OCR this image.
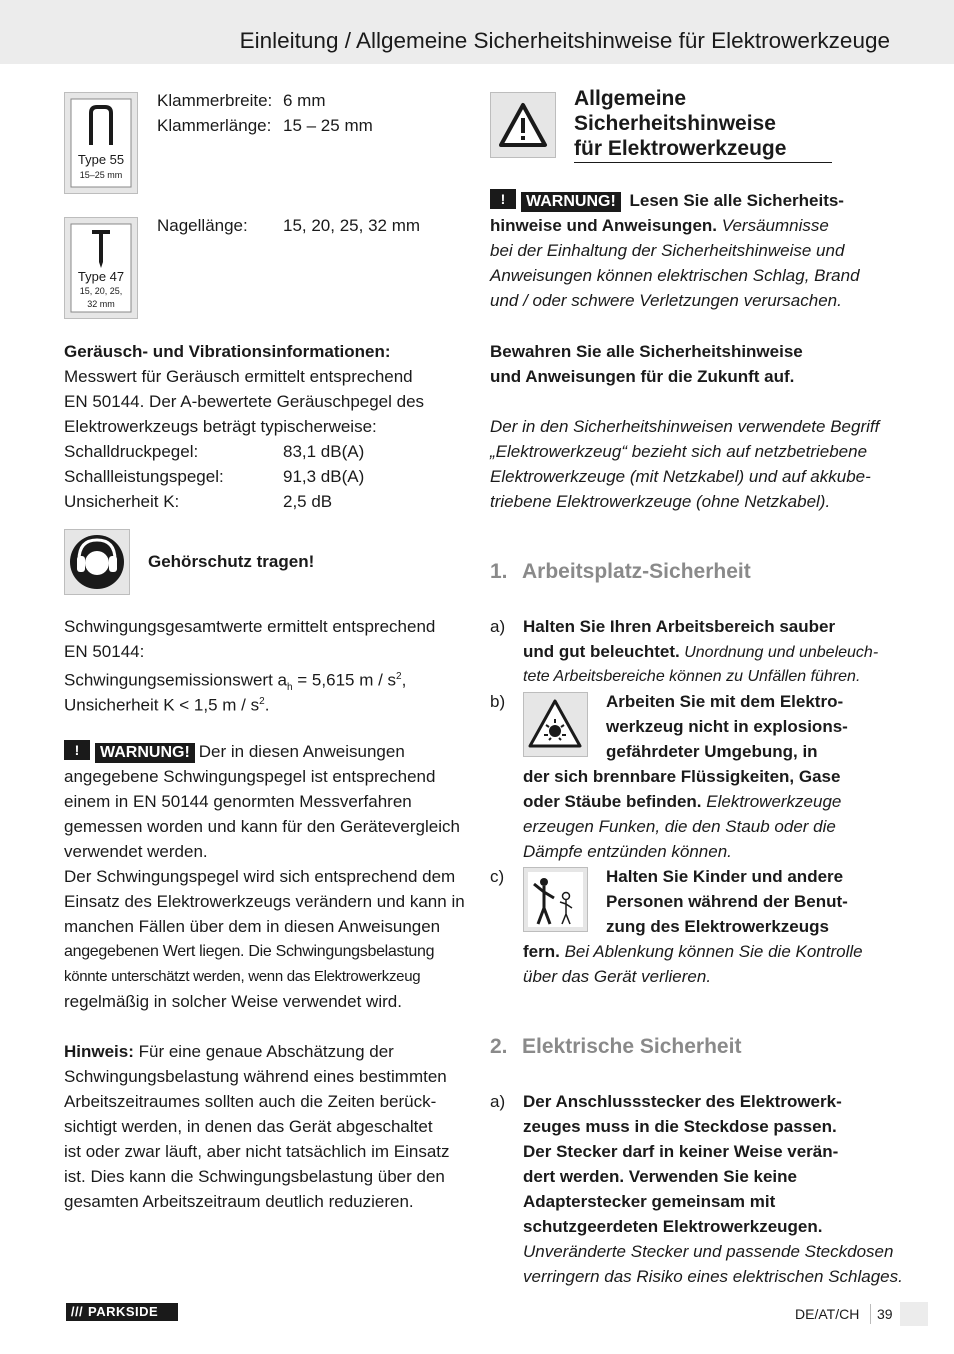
Einleitung / Allgemeine Sicherheitshinweise für Elektrowerkzeuge
Type 55
15–25 mm
Klammerbreite: 6 mm
Klammerlänge: 15 – 25 mm
Type 47
15, 20, 25,
32 mm
Nagellänge: 15, 20, 25, 32 mm
Geräusch- und Vibrationsinformationen:
Messwert für Geräusch ermittelt entsprechend
EN 50144. Der A-bewertete Geräuschpegel des
Elektrowerkzeugs beträgt typischerweise:
Schalldruckpegel:	83,1 dB(A)
Schallleistungspegel:	91,3 dB(A)
Unsicherheit K:	2,5 dB
Gehörschutz tragen!
Schwingungsgesamtwerte ermittelt entsprechend
EN 50144:
Schwingungsemissionswert $a_h = 5,615$ m / $s^2$,
Unsicherheit K < 1,5 m / $s^2$.
!WARNUNG! Der in diesen Anweisungen
angegebene Schwingungspegel ist entsprechend
einem in EN 50144 genormten Messverfahren
gemessen worden und kann für den Gerätevergleich
verwendet werden.
Der Schwingungspegel wird sich entsprechend dem
Einsatz des Elektrowerkzeugs verändern und kann in
manchen Fällen über dem in diesen Anweisungen
angegebenen Wert liegen. Die Schwingungsbelastung
könnte unterschätzt werden, wenn das Elektrowerkzeug
regelmäßig in solcher Weise verwendet wird.
Hinweis: Für eine genaue Abschätzung der
Schwingungsbelastung während eines bestimmten
Arbeitszeitraumes sollten auch die Zeiten berück-
sichtigt werden, in denen das Gerät abgeschaltet
ist oder zwar läuft, aber nicht tatsächlich im Einsatz
ist. Dies kann die Schwingungsbelastung über den
gesamten Arbeitszeitraum deutlich reduzieren.
Allgemeine
Sicherheitshinweise
für Elektrowerkzeuge
!WARNUNG! Lesen Sie alle Sicherheits-
hinweise und Anweisungen. Versäumnisse
bei der Einhaltung der Sicherheitshinweise und
Anweisungen können elektrischen Schlag, Brand
und / oder schwere Verletzungen verursachen.
Bewahren Sie alle Sicherheitshinweise
und Anweisungen für die Zukunft auf.
Der in den Sicherheitshinweisen verwendete Begriff
„Elektrowerkzeug“ bezieht sich auf netzbetriebene
Elektrowerkzeuge (mit Netzkabel) und auf akkube-
triebene Elektrowerkzeuge (ohne Netzkabel).
1. Arbeitsplatz-Sicherheit
a) Halten Sie Ihren Arbeitsbereich sauber
und gut beleuchtet. Unordnung und unbeleuch-
tete Arbeitsbereiche können zu Unfällen führen.
b)	Arbeiten Sie mit dem Elektro-
werkzeug nicht in explosions-
gefährdeter Umgebung, in
der sich brennbare Flüssigkeiten, Gase
oder Stäube befinden. Elektrowerkzeuge
erzeugen Funken, die den Staub oder die
Dämpfe entzünden können.
c)	Halten Sie Kinder und andere
Personen während der Benut-
zung des Elektrowerkzeugs
fern. Bei Ablenkung können Sie die Kontrolle
über das Gerät verlieren.
2. Elektrische Sicherheit
a) Der Anschlussstecker des Elektrowerk-
zeuges muss in die Steckdose passen.
Der Stecker darf in keiner Weise verän-
dert werden. Verwenden Sie keine
Adapterstecker gemeinsam mit
schutzgeerdeten Elektrowerkzeugen.
Unveränderte Stecker und passende Steckdosen
verringern das Risiko eines elektrischen Schlages.
/// PARKSIDE	DE/AT/CH 39
